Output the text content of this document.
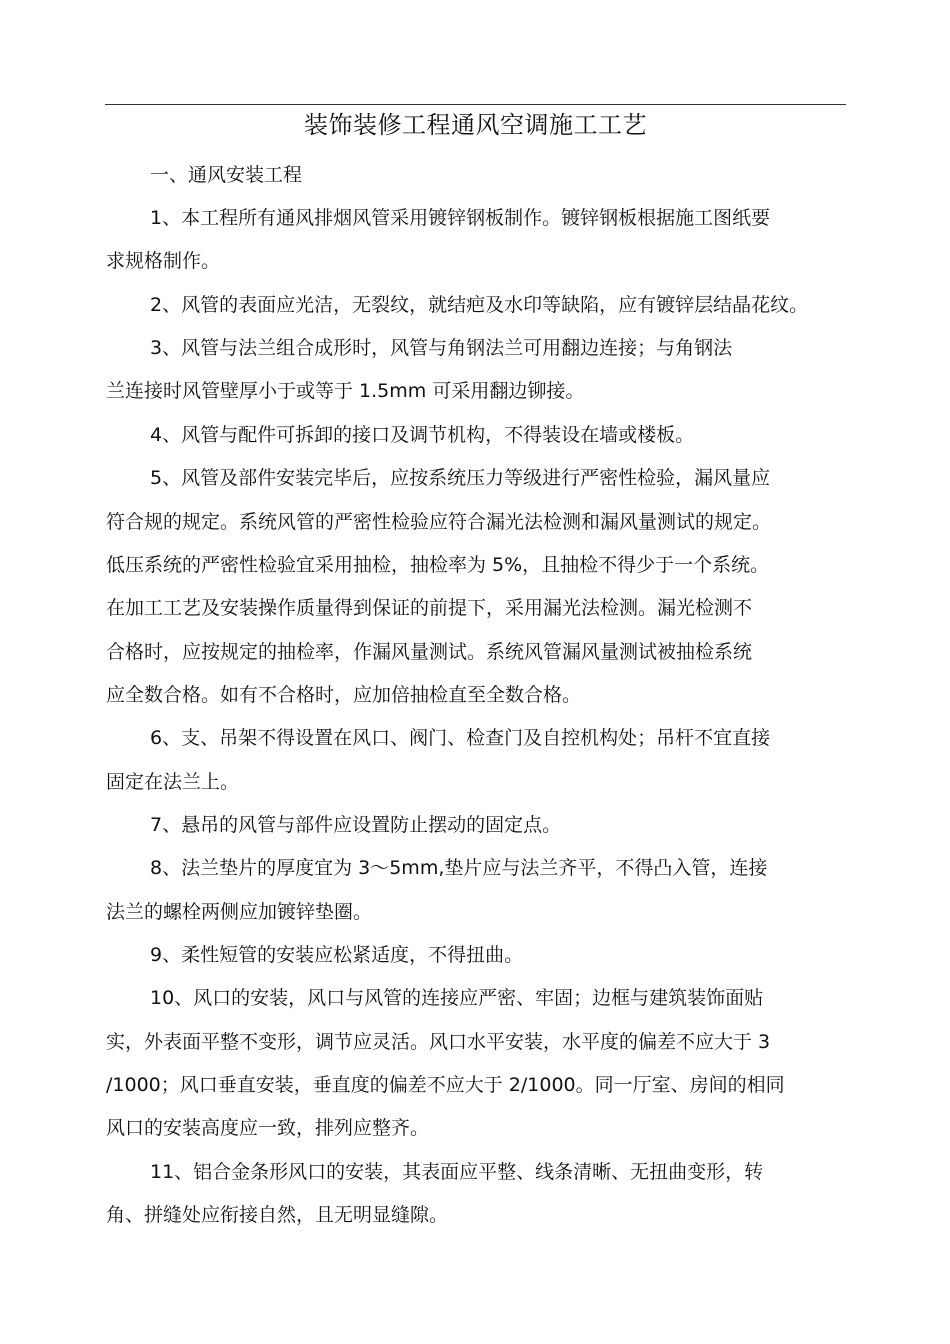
装饰装修工程通风空调施工工艺
一、通风安装工程
1、本工程所有通风排烟风管采用镀锌钢板制作。镀锌钢板根据施工图纸要
求规格制作。
2、风管的表面应光洁，无裂纹，就结疤及水印等缺陷，应有镀锌层结晶花纹。
3、风管与法兰组合成形时，风管与角钢法兰可用翻边连接；与角钢法
兰连接时风管壁厚小于或等于 1.5mm 可采用翻边铆接。
4、风管与配件可拆卸的接口及调节机构，不得装设在墙或楼板。
5、风管及部件安装完毕后，应按系统压力等级进行严密性检验，漏风量应
符合规的规定。系统风管的严密性检验应符合漏光法检测和漏风量测试的规定。
低压系统的严密性检验宜采用抽检，抽检率为 5%，且抽检不得少于一个系统。
在加工工艺及安装操作质量得到保证的前提下，采用漏光法检测。漏光检测不
合格时，应按规定的抽检率，作漏风量测试。系统风管漏风量测试被抽检系统
应全数合格。如有不合格时，应加倍抽检直至全数合格。
6、支、吊架不得设置在风口、阀门、检查门及自控机构处；吊杆不宜直接
固定在法兰上。
7、悬吊的风管与部件应设置防止摆动的固定点。
8、法兰垫片的厚度宜为 3～5mm,垫片应与法兰齐平，不得凸入管，连接
法兰的螺栓两侧应加镀锌垫圈。
9、柔性短管的安装应松紧适度，不得扭曲。
10、风口的安装，风口与风管的连接应严密、牢固；边框与建筑装饰面贴
实，外表面平整不变形，调节应灵活。风口水平安装，水平度的偏差不应大于 3
/1000；风口垂直安装，垂直度的偏差不应大于 2/1000。同一厅室、房间的相同
风口的安装高度应一致，排列应整齐。
11、铝合金条形风口的安装，其表面应平整、线条清晰、无扭曲变形，转
角、拼缝处应衔接自然，且无明显缝隙。
